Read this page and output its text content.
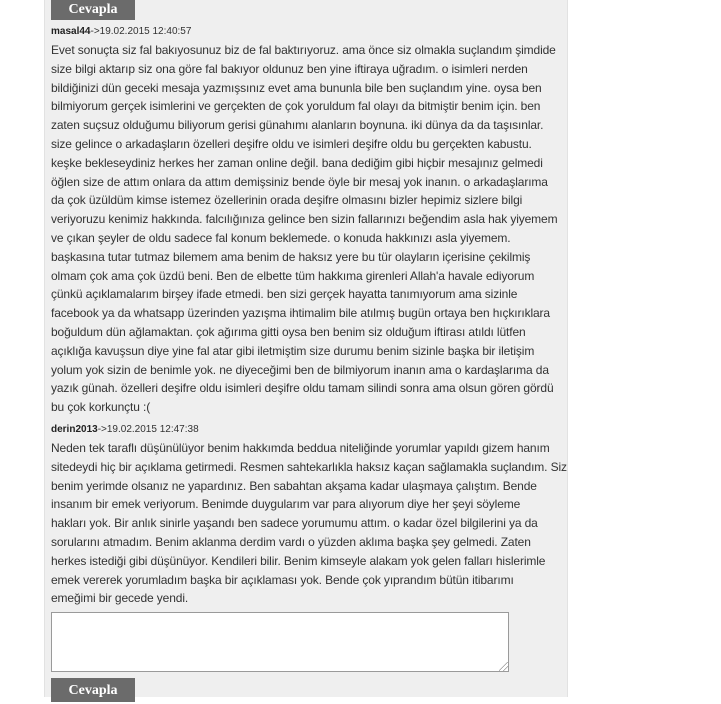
Cevapla
masal44->19.02.2015 12:40:57
Evet sonuçta siz fal bakıyosunuz biz de fal baktırıyoruz. ama önce siz olmakla suçlandım şimdide
size bilgi aktarıp siz ona göre fal bakıyor oldunuz ben yine iftiraya uğradım. o isimleri nerden
bildiğinizi dün geceki mesaja yazmışsınız evet ama bununla bile ben suçlandım yine. oysa ben
bilmiyorum gerçek isimlerini ve gerçekten de çok yoruldum fal olayı da bitmiştir benim için. ben
zaten suçsuz olduğumu biliyorum gerisi günahımı alanların boynuna. iki dünya da da taşısınlar.
size gelince o arkadaşların özelleri deşifre oldu ve isimleri deşifre oldu bu gerçekten kabustu.
keşke bekleseydiniz herkes her zaman online değil. bana dediğim gibi hiçbir mesajınız gelmedi
öğlen size de attım onlara da attım demişsiniz bende öyle bir mesaj yok inanın. o arkadaşlarıma
da çok üzüldüm kimse istemez özellerinin orada deşifre olmasını bizler hepimiz sizlere bilgi
veriyoruzu kenimiz hakkında. falcılığınıza gelince ben sizin fallarınızı beğendim asla hak yiyemem
ve çıkan şeyler de oldu sadece fal konum beklemede. o konuda hakkınızı asla yiyemem.
başkasına tutar tutmaz bilemem ama benim de haksız yere bu tür olayların içerisine çekilmiş
olmam çok ama çok üzdü beni. Ben de elbette tüm hakkıma girenleri Allah'a havale ediyorum
çünkü açıklamalarım birşey ifade etmedi. ben sizi gerçek hayatta tanımıyorum ama sizinle
facebook ya da whatsapp üzerinden yazışma ihtimalim bile atılmış bugün ortaya ben hıçkırıklara
boğuldum dün ağlamaktan. çok ağırıma gitti oysa ben benim siz olduğum iftirası atıldı lütfen
açıklığa kavuşsun diye yine fal atar gibi iletmiştim size durumu benim sizinle başka bir iletişim
yolum yok sizin de benimle yok. ne diyeceğimi ben de bilmiyorum inanın ama o kardaşlarıma da
yazık günah. özelleri deşifre oldu isimleri deşifre oldu tamam silindi sonra ama olsun gören gördü
bu çok korkunçtu :(
derin2013->19.02.2015 12:47:38
Neden tek taraflı düşünülüyor benim hakkımda beddua niteliğinde yorumlar yapıldı gizem hanım
sitedeydi hiç bir açıklama getirmedi. Resmen sahtekarlıkla haksız kaçan sağlamakla suçlandım. Siz
benim yerimde olsanız ne yapardınız. Ben sabahtan akşama kadar ulaşmaya çalıştım. Bende
insanım bir emek veriyorum. Benimde duygularım var para alıyorum diye her şeyi söyleme
hakları yok. Bir anlık sinirle yaşandı ben sadece yorumumu attım. o kadar özel bilgilerini ya da
sorularını atmadım. Benim aklanma derdim vardı o yüzden aklıma başka şey gelmedi. Zaten
herkes istediği gibi düşünüyor. Kendileri bilir. Benim kimseyle alakam yok gelen falları hislerimle
emek vererek yorumladım başka bir açıklaması yok. Bende çok yıprandım bütün itibarımı
emeğimi bir gecede yendi.
Cevapla
